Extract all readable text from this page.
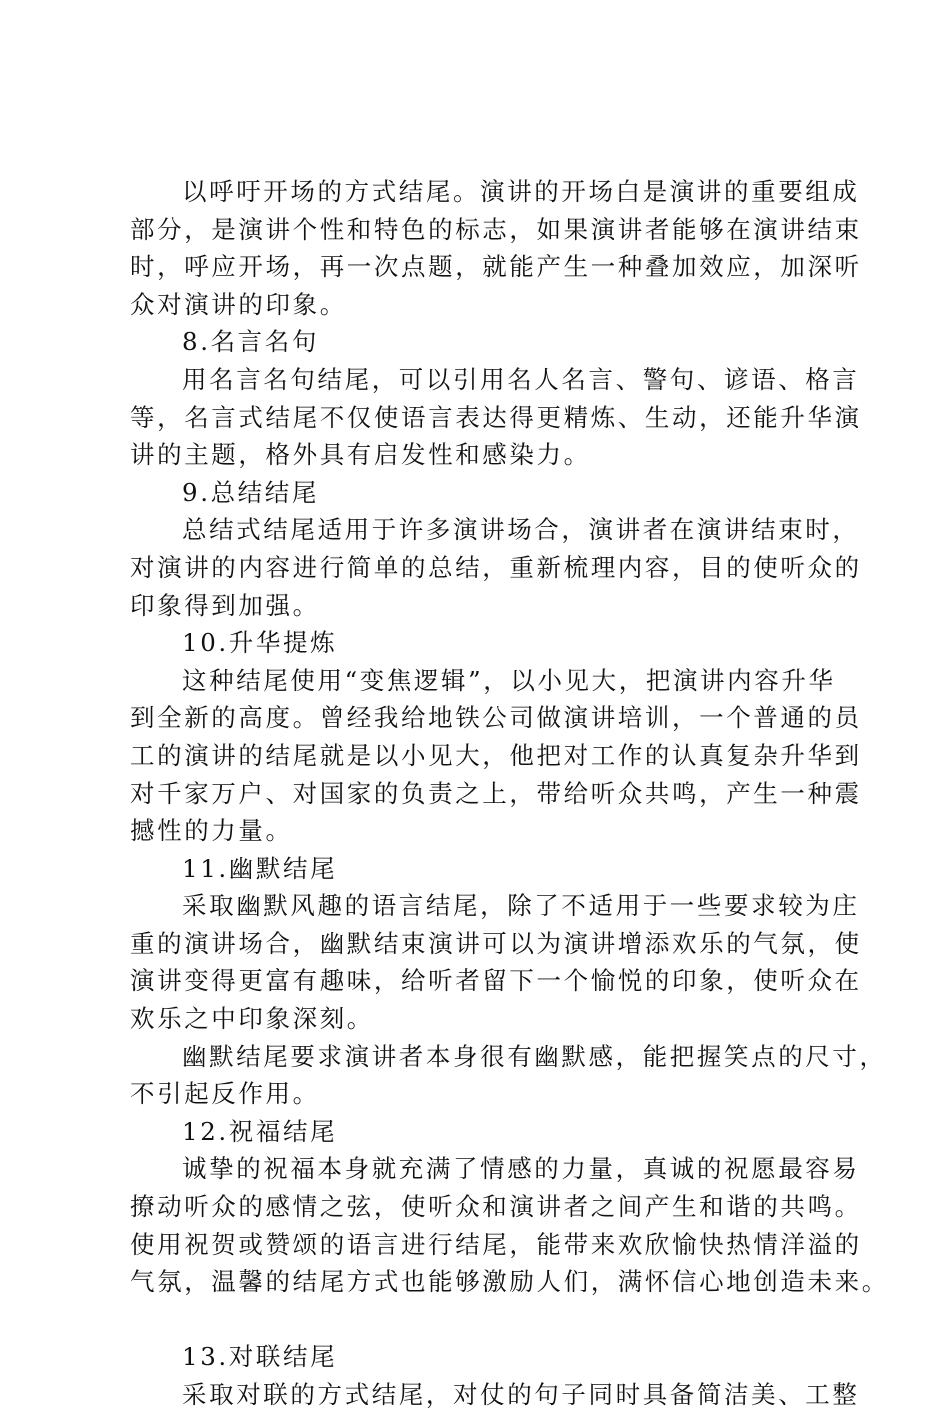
以呼吁开场的方式结尾。演讲的开场白是演讲的重要组成
部分，是演讲个性和特色的标志，如果演讲者能够在演讲结束
时，呼应开场，再一次点题，就能产生一种叠加效应，加深听
众对演讲的印象。
8.名言名句
用名言名句结尾，可以引用名人名言、警句、谚语、格言
等，名言式结尾不仅使语言表达得更精炼、生动，还能升华演
讲的主题，格外具有启发性和感染力。
9.总结结尾
总结式结尾适用于许多演讲场合，演讲者在演讲结束时，
对演讲的内容进行简单的总结，重新梳理内容，目的使听众的
印象得到加强。
10.升华提炼
这种结尾使用“变焦逻辑”，以小见大，把演讲内容升华
到全新的高度。曾经我给地铁公司做演讲培训，一个普通的员
工的演讲的结尾就是以小见大，他把对工作的认真复杂升华到
对千家万户、对国家的负责之上，带给听众共鸣，产生一种震
撼性的力量。
11.幽默结尾
采取幽默风趣的语言结尾，除了不适用于一些要求较为庄
重的演讲场合，幽默结束演讲可以为演讲增添欢乐的气氛，使
演讲变得更富有趣味，给听者留下一个愉悦的印象，使听众在
欢乐之中印象深刻。
幽默结尾要求演讲者本身很有幽默感，能把握笑点的尺寸，
不引起反作用。
12.祝福结尾
诚挚的祝福本身就充满了情感的力量，真诚的祝愿最容易
撩动听众的感情之弦，使听众和演讲者之间产生和谐的共鸣。
使用祝贺或赞颂的语言进行结尾，能带来欢欣愉快热情洋溢的
气氛，温馨的结尾方式也能够激励人们，满怀信心地创造未来。
13.对联结尾
采取对联的方式结尾，对仗的句子同时具备简洁美、工整
